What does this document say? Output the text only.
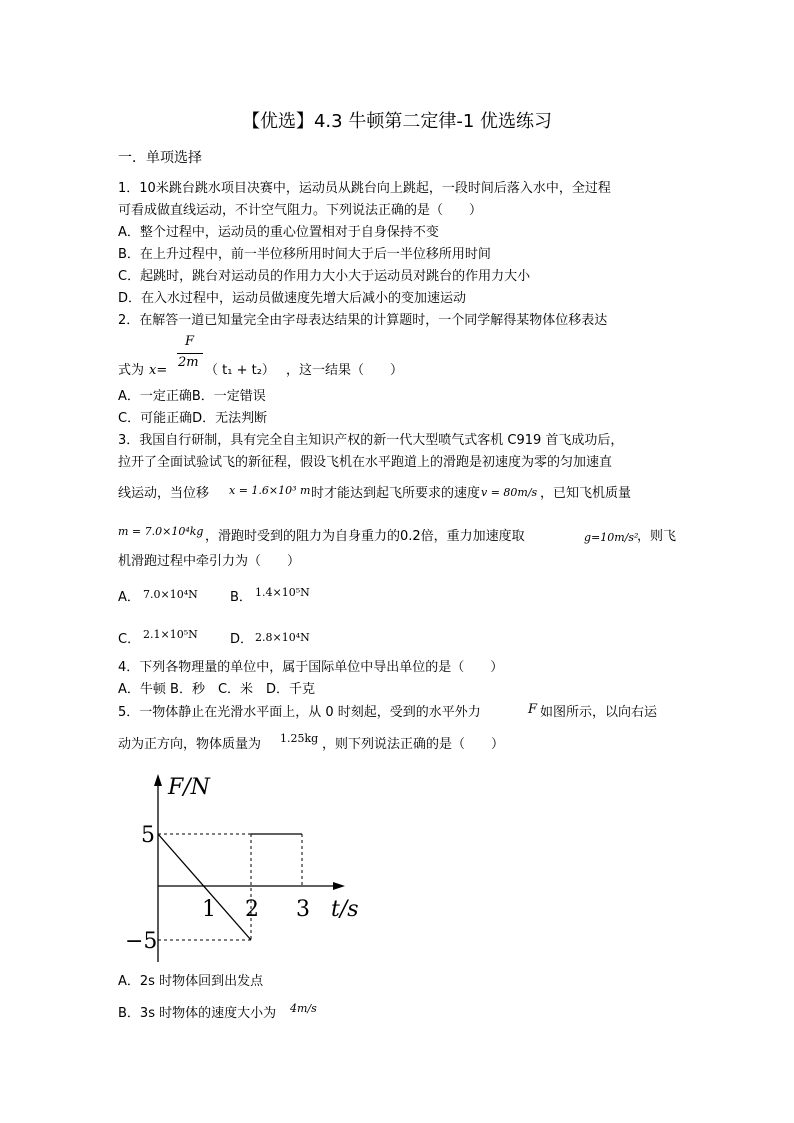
【优选】4.3 牛顿第二定律-1 优选练习
一．单项选择
1．10米跳台跳水项目决赛中，运动员从跳台向上跳起，一段时间后落入水中，全过程
可看成做直线运动，不计空气阻力。下列说法正确的是（　　）
A．整个过程中，运动员的重心位置相对于自身保持不变
B．在上升过程中，前一半位移所用时间大于后一半位移所用时间
C．起跳时，跳台对运动员的作用力大小大于运动员对跳台的作用力大小
D．在入水过程中，运动员做速度先增大后减小的变加速运动
2．在解答一道已知量完全由字母表达结果的计算题时，一个同学解得某物体位移表达
式为 x=
F
2m
（ t₁ + t₂） ，这一结果（　　）
A．一定正确B．一定错误
C．可能正确D．无法判断
3．我国自行研制，具有完全自主知识产权的新一代大型喷气式客机 C919 首飞成功后，
拉开了全面试验试飞的新征程，假设飞机在水平跑道上的滑跑是初速度为零的匀加速直
线运动，当位移 x = 1.6×10³ m 时才能达到起飞所要求的速度 v = 80m/s ，已知飞机质量
m = 7.0×10⁴kg ，滑跑时受到的阻力为自身重力的0.2倍，重力加速度取	g=10m/s²
，则飞
机滑跑过程中牵引力为（　　）
A． 7.0×10⁴N B． 1.4×10⁵N
C． 2.1×10⁵N D． 2.8×10⁴N
4．下列各物理量的单位中，属于国际单位中导出单位的是（　　）
A．牛顿 B．秒　C．米　D．千克
5．一物体静止在光滑水平面上，从 0 时刻起，受到的水平外力	F 如图所示，以向右运
动为正方向，物体质量为 1.25kg ，则下列说法正确的是（　　）
F/N
t/s
5
−5
1 2 3
A．2s 时物体回到出发点
B．3s 时物体的速度大小为 4m/s
